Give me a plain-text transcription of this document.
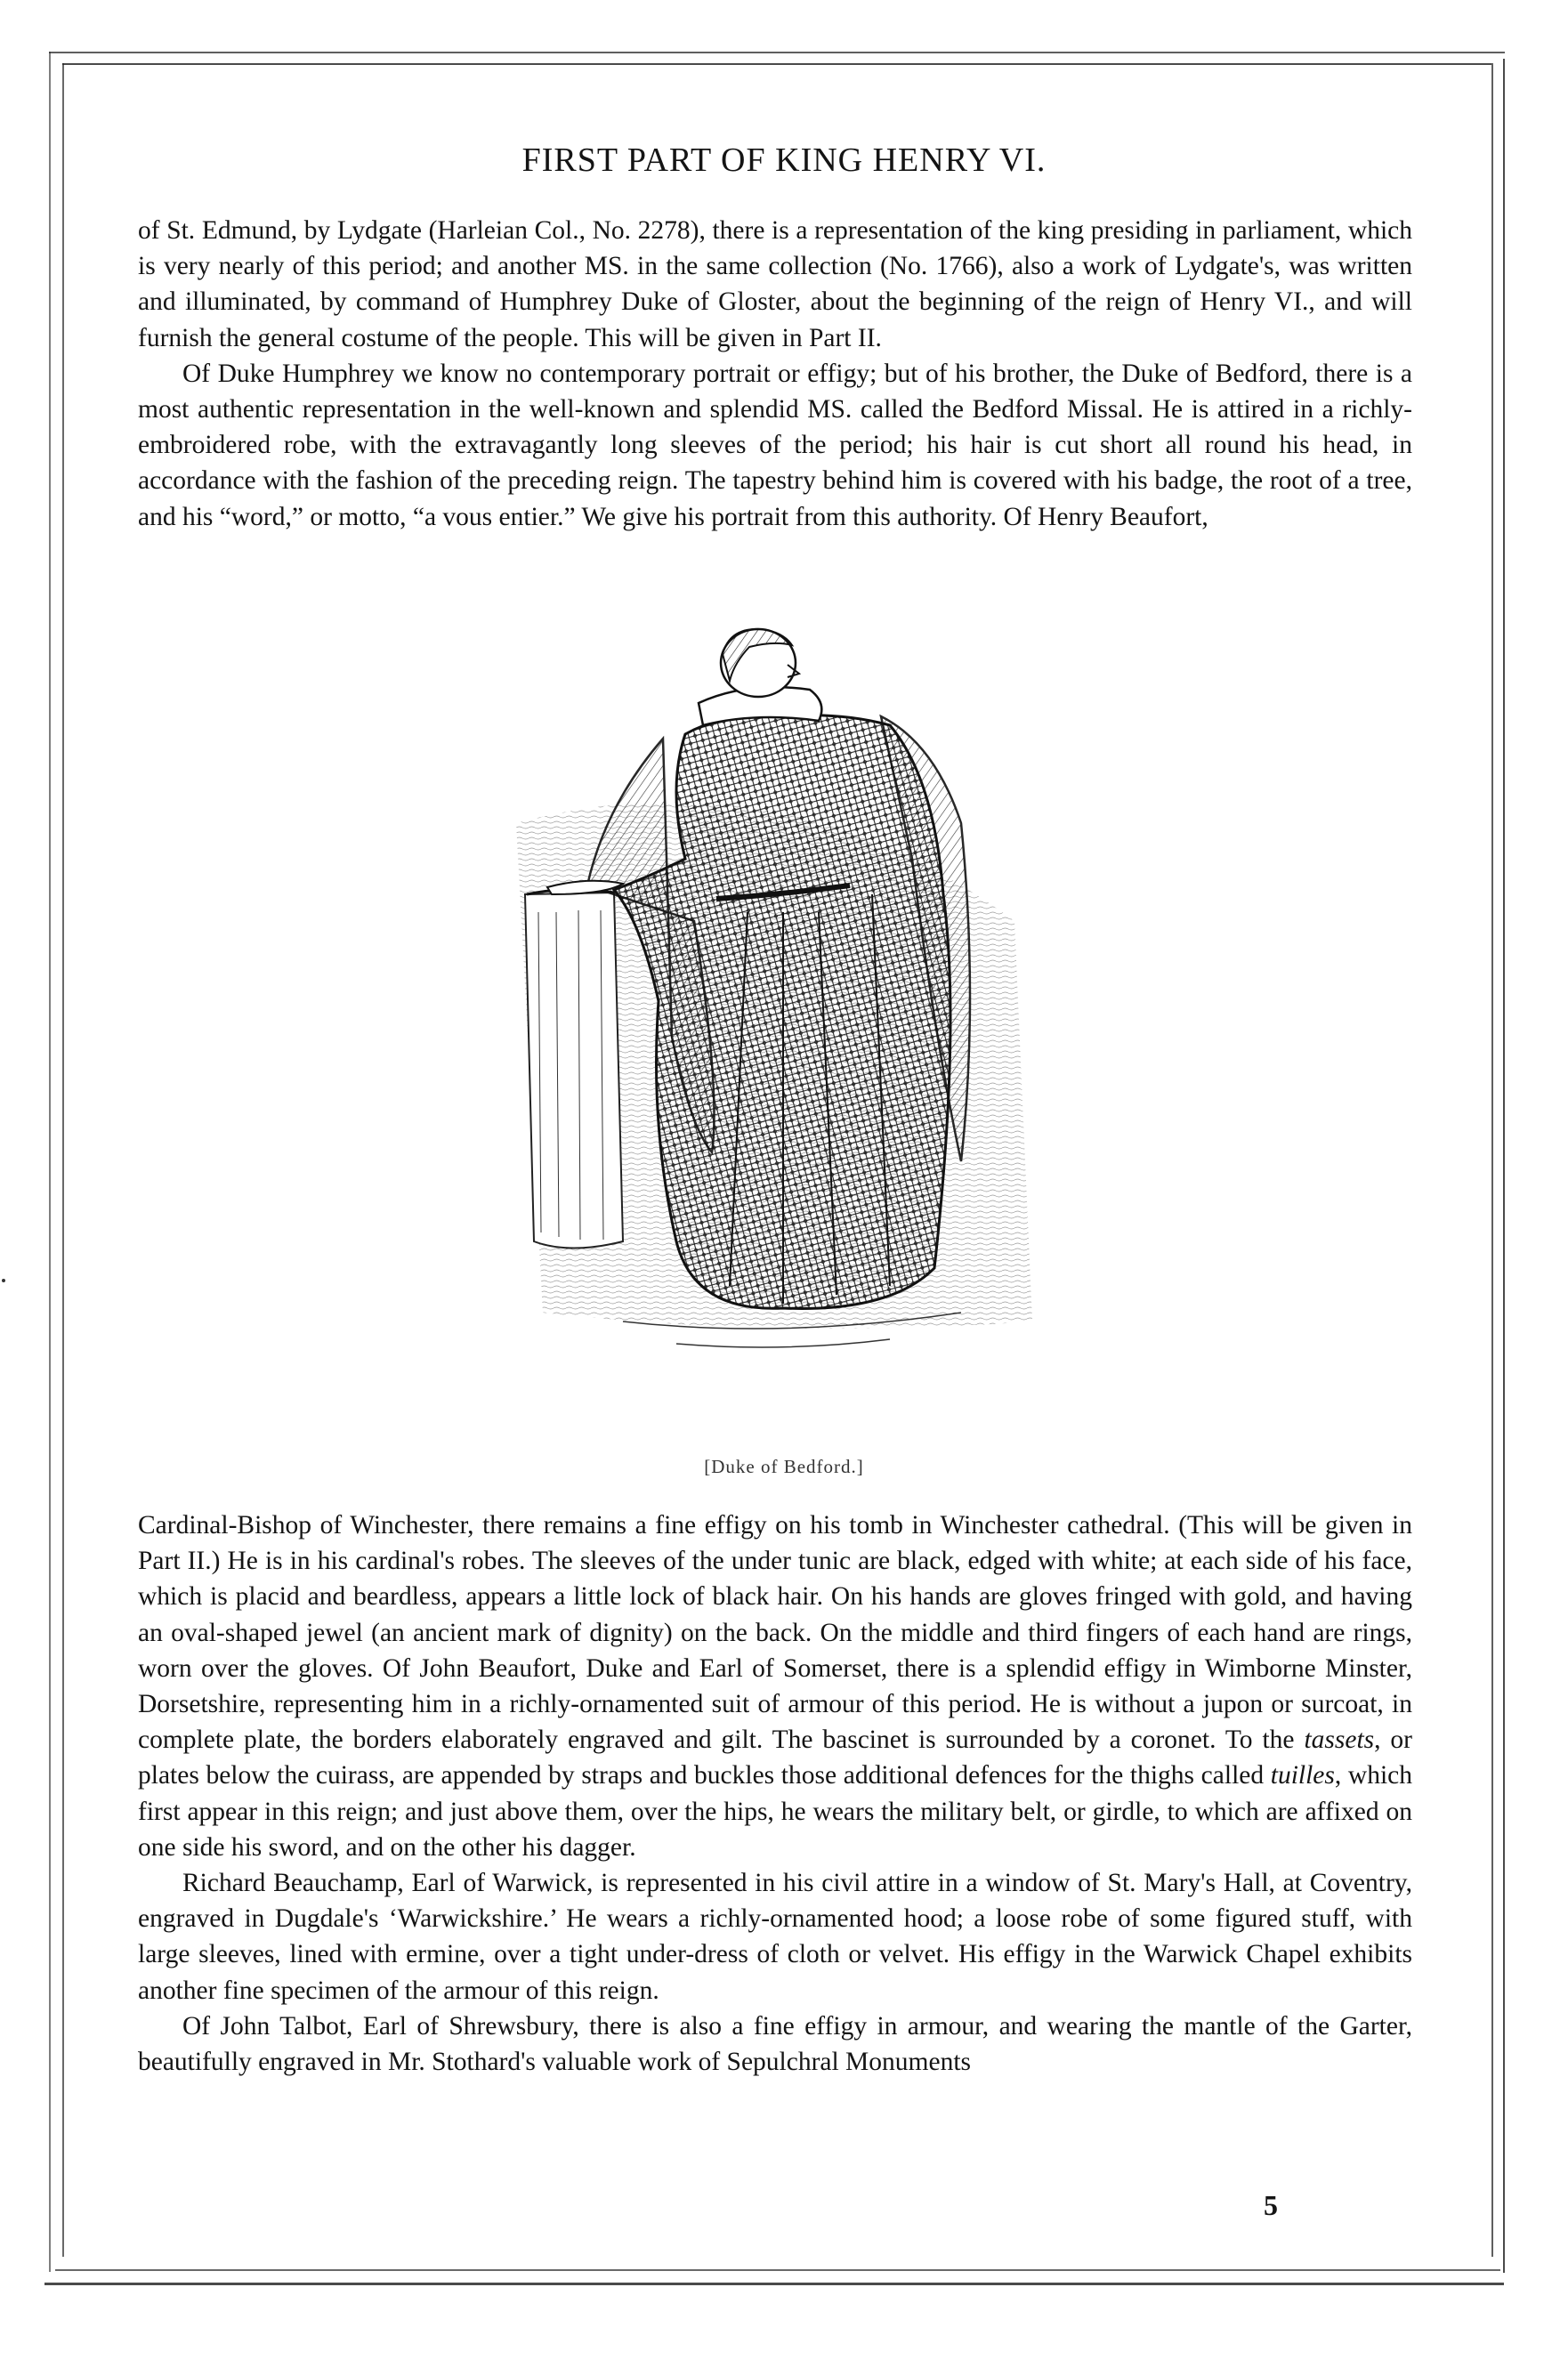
FIRST PART OF KING HENRY VI.

of St. Edmund, by Lydgate (Harleian Col., No. 2278), there is a representation of the king presiding in parliament, which is very nearly of this period; and another MS. in the same collection (No. 1766), also a work of Lydgate's, was written and illuminated, by command of Humphrey Duke of Gloster, about the beginning of the reign of Henry VI., and will furnish the general costume of the people. This will be given in Part II.

Of Duke Humphrey we know no contemporary portrait or effigy; but of his brother, the Duke of Bedford, there is a most authentic representation in the well-known and splendid MS. called the Bedford Missal. He is attired in a richly-embroidered robe, with the extravagantly long sleeves of the period; his hair is cut short all round his head, in accordance with the fashion of the preceding reign. The tapestry behind him is covered with his badge, the root of a tree, and his “word,” or motto, “a vous entier.” We give his portrait from this authority. Of Henry Beaufort,

[Duke of Bedford.]

Cardinal-Bishop of Winchester, there remains a fine effigy on his tomb in Winchester cathedral. (This will be given in Part II.) He is in his cardinal's robes. The sleeves of the under tunic are black, edged with white; at each side of his face, which is placid and beardless, appears a little lock of black hair. On his hands are gloves fringed with gold, and having an oval-shaped jewel (an ancient mark of dignity) on the back. On the middle and third fingers of each hand are rings, worn over the gloves. Of John Beaufort, Duke and Earl of Somerset, there is a splendid effigy in Wimborne Minster, Dorsetshire, representing him in a richly-ornamented suit of armour of this period. He is without a jupon or surcoat, in complete plate, the borders elaborately engraved and gilt. The bascinet is surrounded by a coronet. To the tassets, or plates below the cuirass, are appended by straps and buckles those additional defences for the thighs called tuilles, which first appear in this reign; and just above them, over the hips, he wears the military belt, or girdle, to which are affixed on one side his sword, and on the other his dagger.

Richard Beauchamp, Earl of Warwick, is represented in his civil attire in a window of St. Mary's Hall, at Coventry, engraved in Dugdale's ‘Warwickshire.’ He wears a richly-ornamented hood; a loose robe of some figured stuff, with large sleeves, lined with ermine, over a tight under-dress of cloth or velvet. His effigy in the Warwick Chapel exhibits another fine specimen of the armour of this reign.

Of John Talbot, Earl of Shrewsbury, there is also a fine effigy in armour, and wearing the mantle of the Garter, beautifully engraved in Mr. Stothard's valuable work of Sepulchral Monuments

5
